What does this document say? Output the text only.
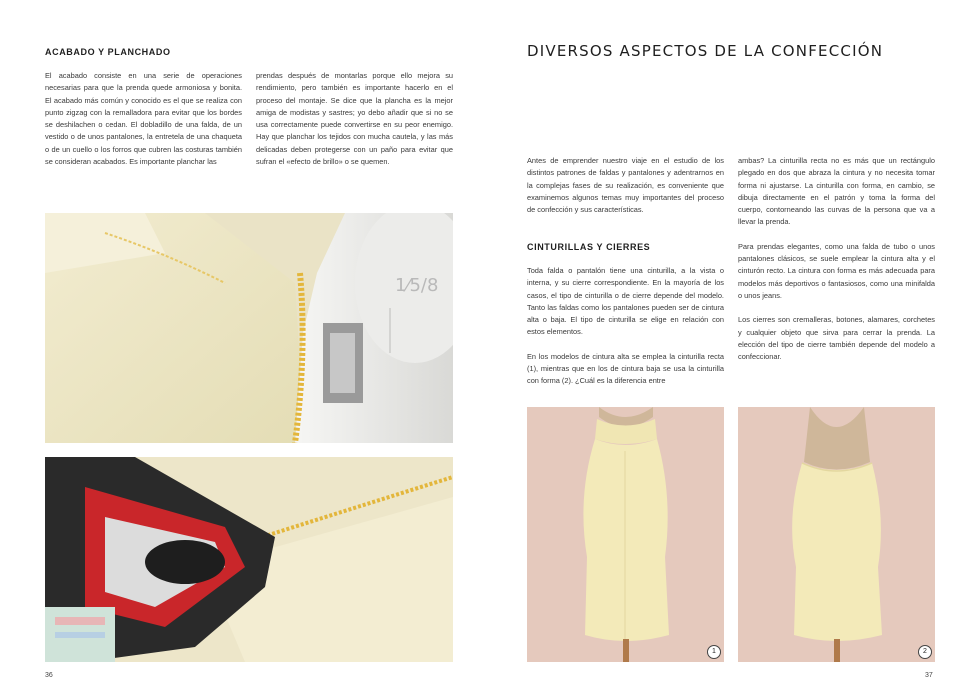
ACABADO Y PLANCHADO
El acabado consiste en una serie de operaciones necesarias para que la prenda quede armoniosa y bonita. El acabado más común y conocido es el que se realiza con punto zigzag con la remalladora para evitar que los bordes se deshilachen o cedan. El dobladillo de una falda, de un vestido o de unos pantalones, la entretela de una chaqueta o de un cuello o los forros que cubren las costuras también se consideran acabados. Es importante planchar las
prendas después de montarlas porque ello mejora su rendimiento, pero también es importante hacerlo en el proceso del montaje. Se dice que la plancha es la mejor amiga de modistas y sastres; yo debo añadir que si no se usa correctamente puede convertirse en su peor enemigo. Hay que planchar los tejidos con mucha cautela, y las más delicadas deben protegerse con un paño para evitar que sufran el «efecto de brillo» o se quemen.
1⁄5/8
36
DIVERSOS ASPECTOS DE LA CONFECCIÓN
Antes de emprender nuestro viaje en el estudio de los distintos patrones de faldas y pantalones y adentrarnos en la complejas fases de su realización, es conveniente que examinemos algunos temas muy importantes del proceso de confección y sus características.
CINTURILLAS Y CIERRES

Toda falda o pantalón tiene una cinturilla, a la vista o interna, y su cierre correspondiente. En la mayoría de los casos, el tipo de cinturilla o de cierre depende del modelo. Tanto las faldas como los pantalones pueden ser de cintura alta o baja. El tipo de cinturilla se elige en relación con estos elementos.

En los modelos de cintura alta se emplea la cinturilla recta (1), mientras que en los de cintura baja se usa la cinturilla con forma (2). ¿Cuál es la diferencia entre

ambas? La cinturilla recta no es más que un rectángulo plegado en dos que abraza la cintura y no necesita tomar forma ni ajustarse. La cinturilla con forma, en cambio, se dibuja directamente en el patrón y toma la forma del cuerpo, contorneando las curvas de la persona que va a llevar la prenda.

Para prendas elegantes, como una falda de tubo o unos pantalones clásicos, se suele emplear la cintura alta y el cinturón recto. La cintura con forma es más adecuada para modelos más deportivos o fantasiosos, como una minifalda o unos jeans.

Los cierres son cremalleras, botones, alamares, corchetes y cualquier objeto que sirva para cerrar la prenda. La elección del tipo de cierre también depende del modelo a confeccionar.

1	2
37
